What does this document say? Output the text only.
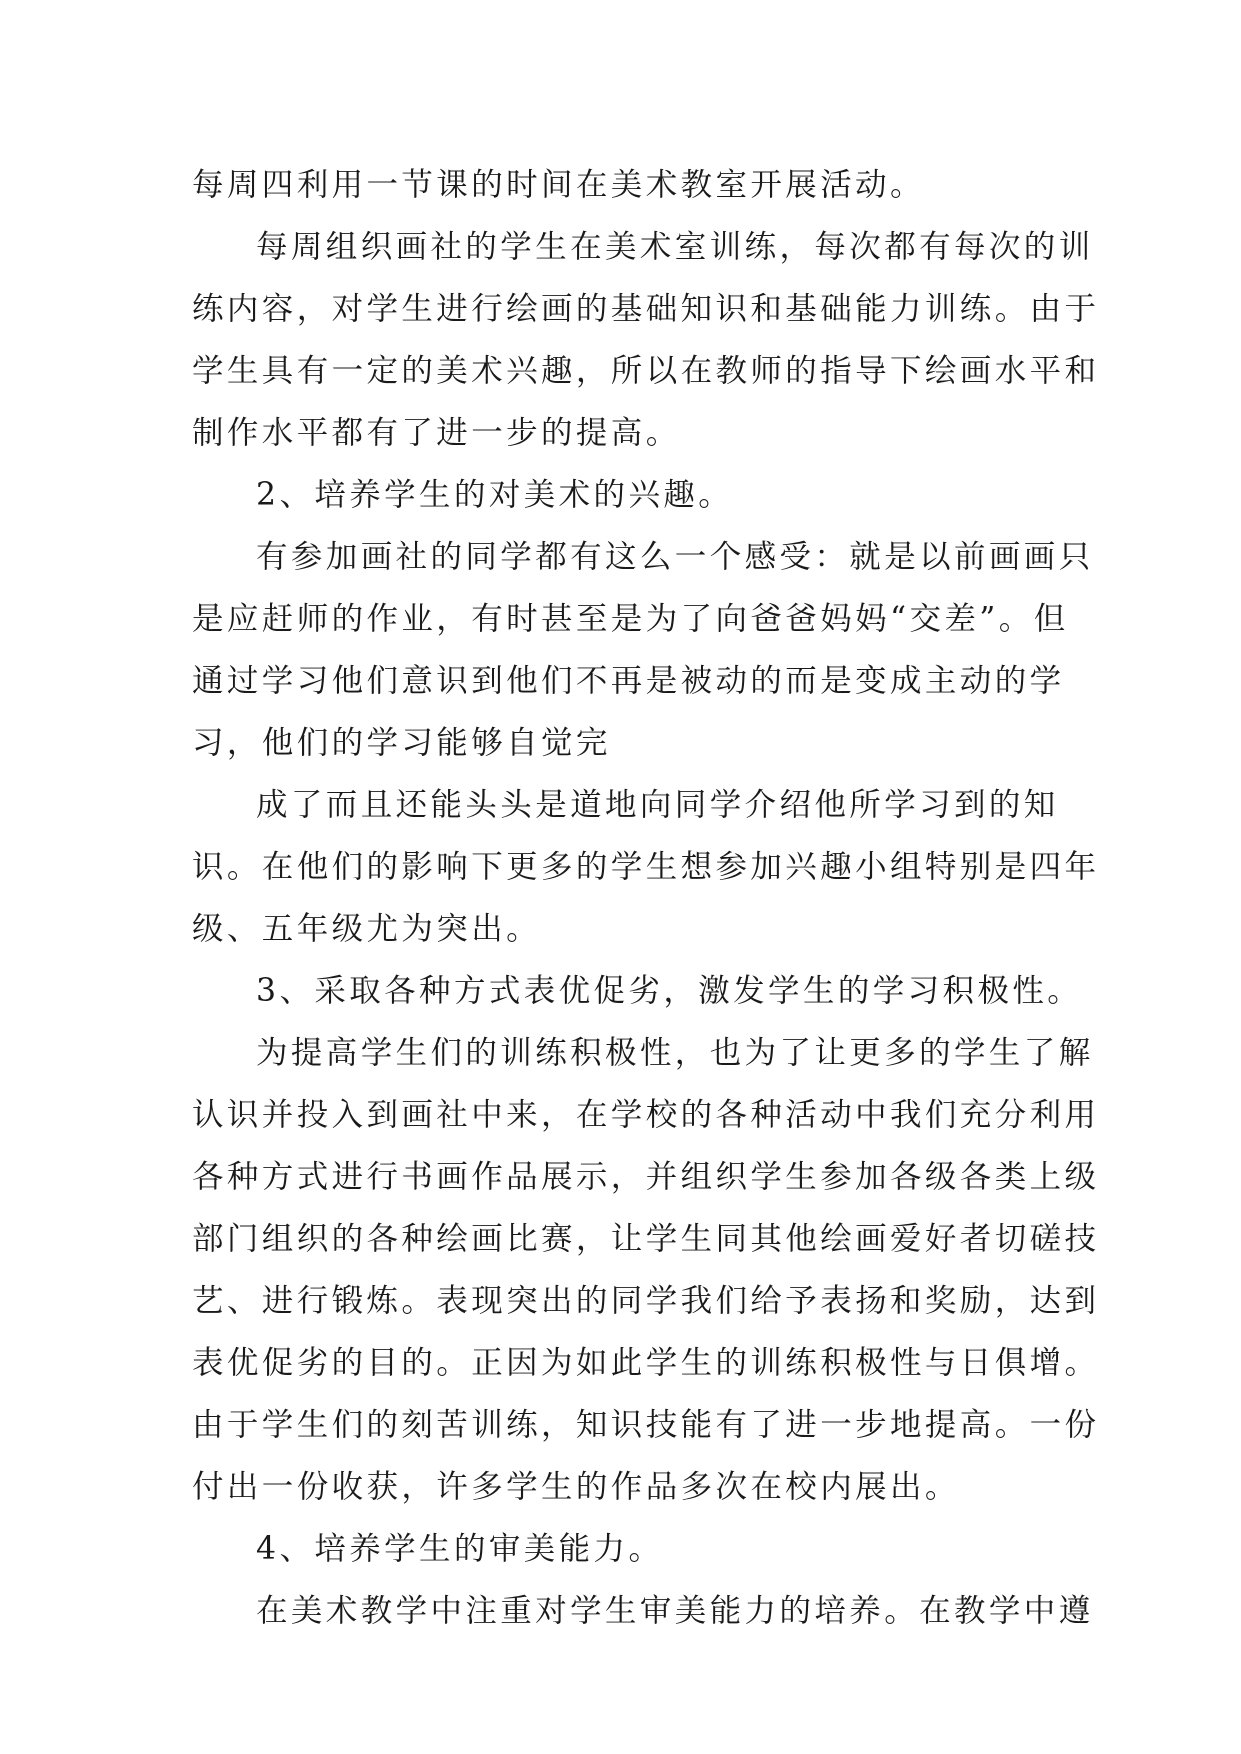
每周四利用一节课的时间在美术教室开展活动。
每周组织画社的学生在美术室训练，每次都有每次的训
练内容，对学生进行绘画的基础知识和基础能力训练。由于
学生具有一定的美术兴趣，所以在教师的指导下绘画水平和
制作水平都有了进一步的提高。
2、培养学生的对美术的兴趣。
有参加画社的同学都有这么一个感受：就是以前画画只
是应赶师的作业，有时甚至是为了向爸爸妈妈“交差”。但
通过学习他们意识到他们不再是被动的而是变成主动的学
习，他们的学习能够自觉完
成了而且还能头头是道地向同学介绍他所学习到的知
识。在他们的影响下更多的学生想参加兴趣小组特别是四年
级、五年级尤为突出。
3、采取各种方式表优促劣，激发学生的学习积极性。
为提高学生们的训练积极性，也为了让更多的学生了解
认识并投入到画社中来，在学校的各种活动中我们充分利用
各种方式进行书画作品展示，并组织学生参加各级各类上级
部门组织的各种绘画比赛，让学生同其他绘画爱好者切磋技
艺、进行锻炼。表现突出的同学我们给予表扬和奖励，达到
表优促劣的目的。正因为如此学生的训练积极性与日俱增。
由于学生们的刻苦训练，知识技能有了进一步地提高。一份
付出一份收获，许多学生的作品多次在校内展出。
4、培养学生的审美能力。
在美术教学中注重对学生审美能力的培养。在教学中遵
